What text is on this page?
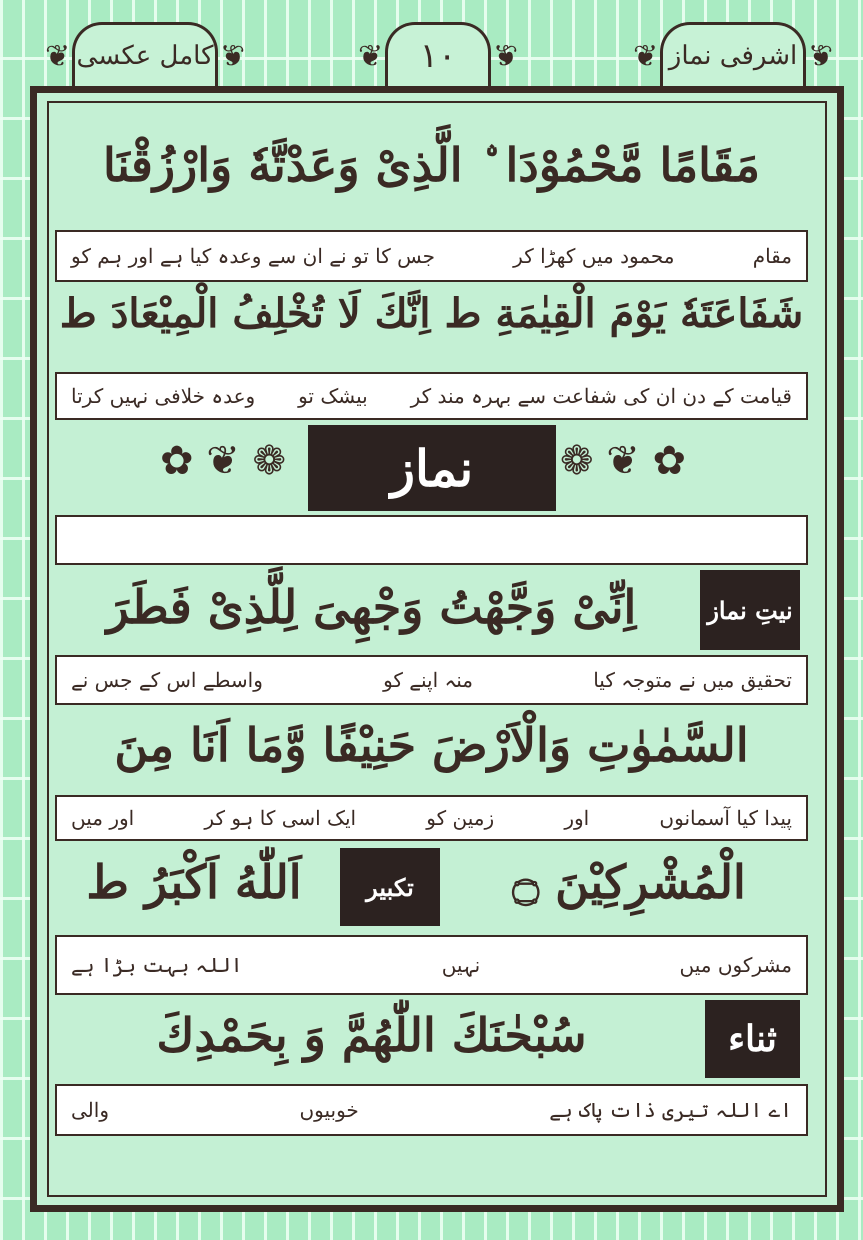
❦ کامل عکسی
❦	❦ ١٠
❦	❦ اشرفی نماز
❦
مَقَامًا مَّحْمُوْدَا ۨ الَّذِیْ وَعَدْتَّهٗ وَارْزُقْنَا
مقام
محمود میں کھڑا کر
جس کا تو نے ان سے وعدہ کیا ہے اور ہم کو
شَفَاعَتَهٗ یَوْمَ الْقِیٰمَةِ ط اِنَّكَ لَا تُخْلِفُ الْمِیْعَادَ ط
قیامت کے دن ان کی شفاعت سے بہرہ مند کر
بیشک تو
وعدہ خلافی نہیں کرتا
✿ ❦ ❁	❁ ❦ ✿
نماز
نیتِ نماز
اِنِّیْ وَجَّهْتُ وَجْهِیَ لِلَّذِیْ فَطَرَ
تحقیق میں نے متوجہ کیا
منہ اپنے کو
واسطے اس کے جس نے
السَّمٰوٰتِ وَالْاَرْضَ حَنِیْفًا وَّمَا اَنَا مِنَ
پیدا کیا آسمانوں
اور
زمین کو
ایک اسی کا ہو کر
اور میں
الْمُشْرِكِیْنَ ۝
تکبیر
اَللّٰهُ اَكْبَرُ ط
مشرکوں میں
نہیں
اللہ بہت بڑا ہے
ثناء
سُبْحٰنَكَ اللّٰهُمَّ وَ بِحَمْدِكَ
اے اللہ تیری ذات پاک ہے
خوبیوں
والی
